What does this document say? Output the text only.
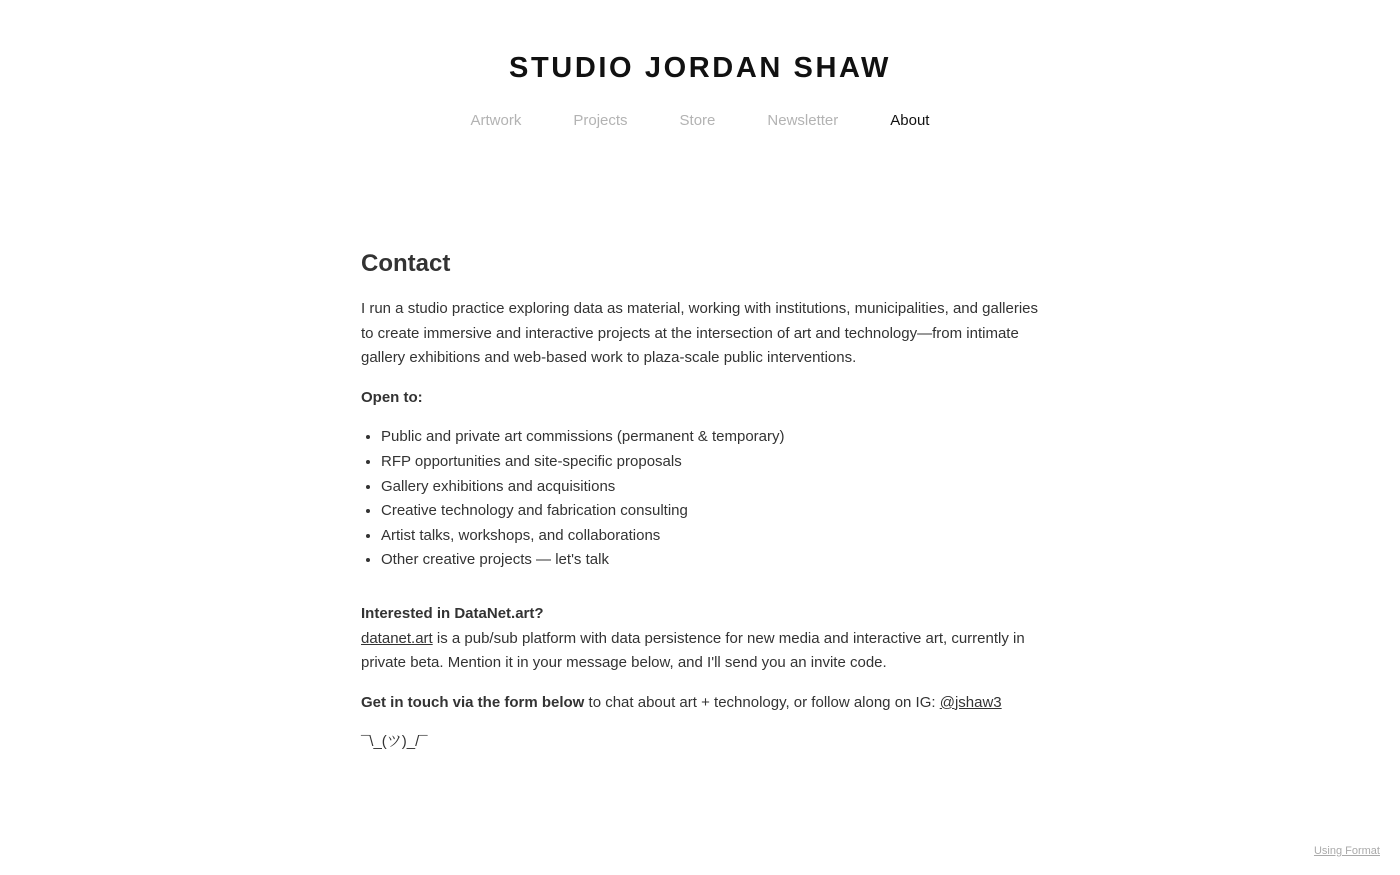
STUDIO JORDAN SHAW
Artwork	Projects	Store	Newsletter	About
Contact

I run a studio practice exploring data as material, working with institutions, municipalities, and galleries to create immersive and interactive projects at the intersection of art and technology—from intimate gallery exhibitions and web-based work to plaza-scale public interventions.

Open to:

• Public and private art commissions (permanent & temporary)
• RFP opportunities and site-specific proposals
• Gallery exhibitions and acquisitions
• Creative technology and fabrication consulting
• Artist talks, workshops, and collaborations
• Other creative projects — let's talk

Interested in DataNet.art?
datanet.art is a pub/sub platform with data persistence for new media and interactive art, currently in private beta. Mention it in your message below, and I'll send you an invite code.

Get in touch via the form below to chat about art + technology, or follow along on IG: @jshaw3

¯\_(ツ)_/¯

Using Format
